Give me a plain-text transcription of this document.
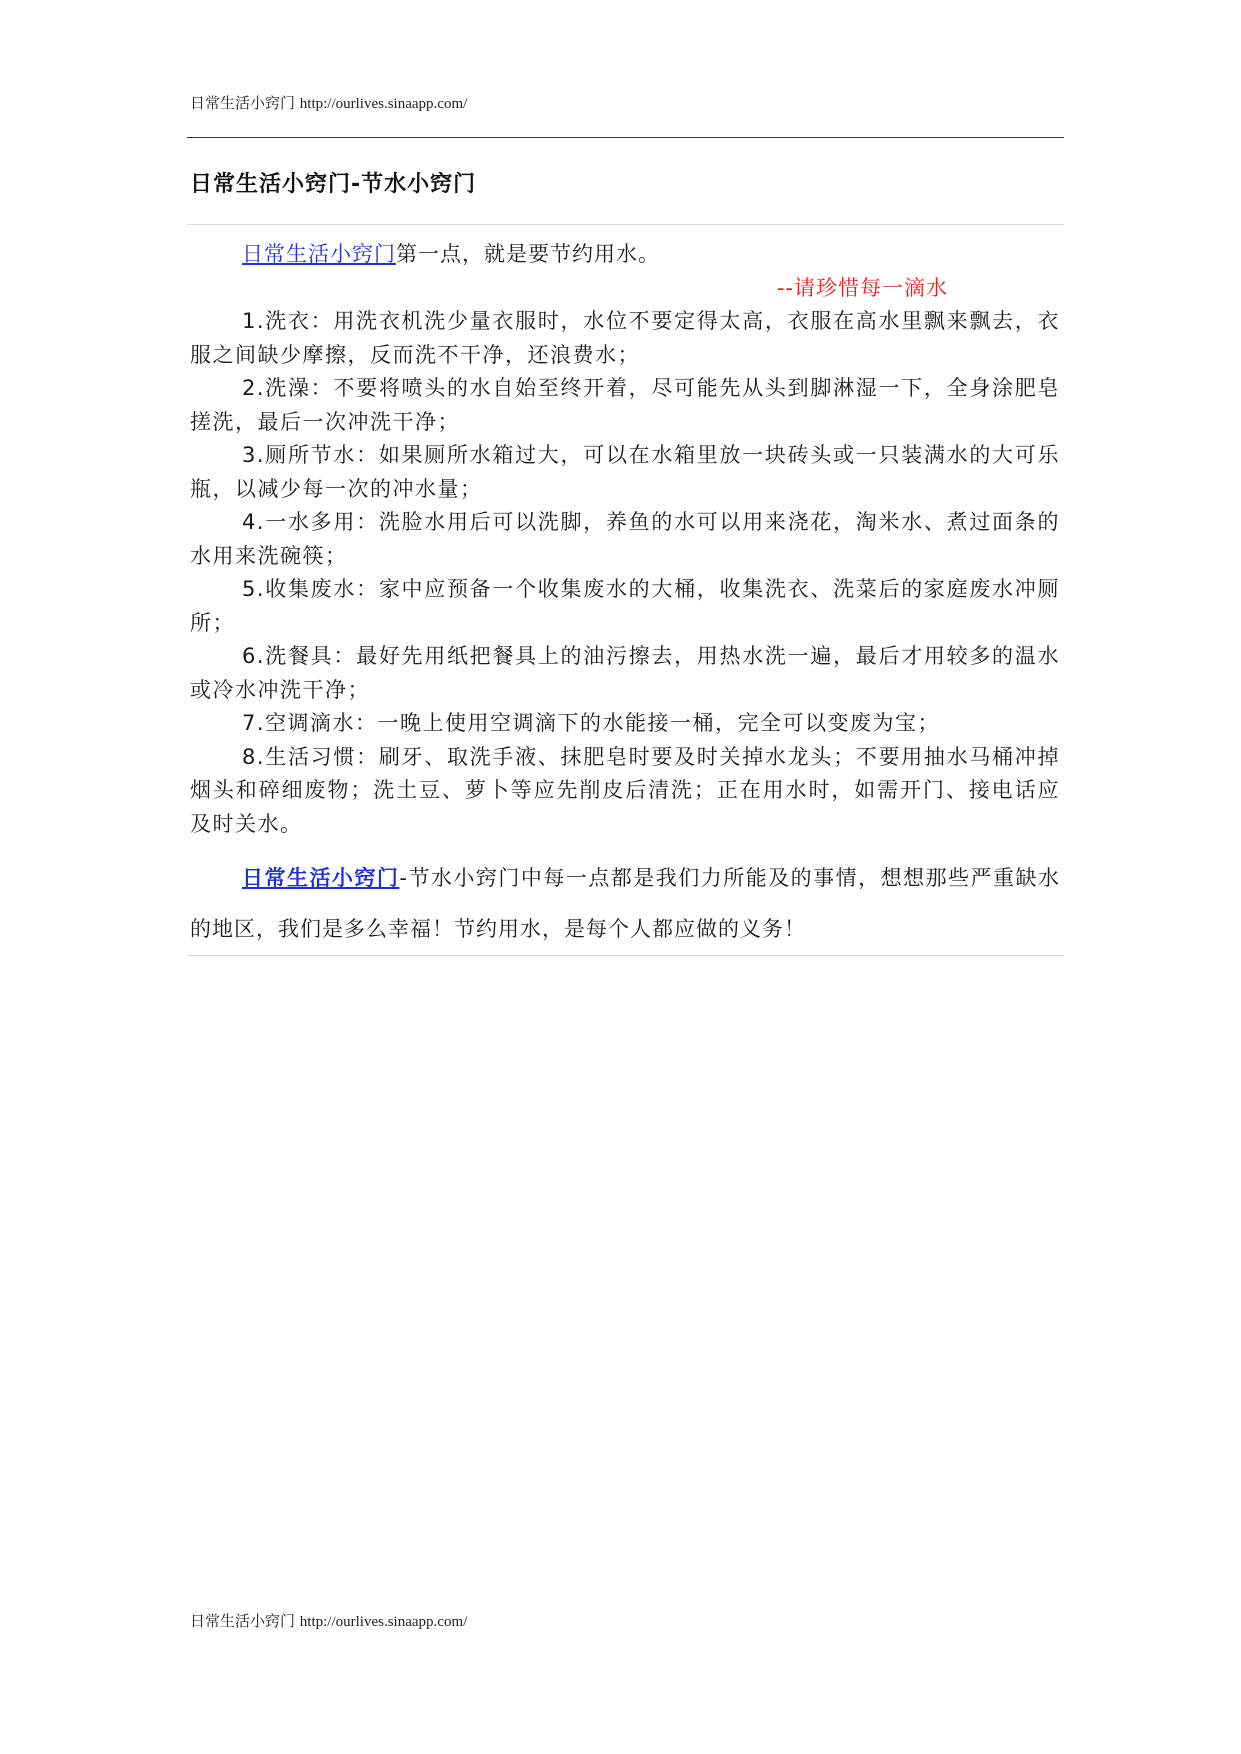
日常生活小窍门 http://ourlives.sinaapp.com/
日常生活小窍门-节水小窍门

日常生活小窍门第一点，就是要节约用水。

--请珍惜每一滴水

1.洗衣：用洗衣机洗少量衣服时，水位不要定得太高，衣服在高水里飘来飘去，衣服之间缺少摩擦，反而洗不干净，还浪费水；

2.洗澡：不要将喷头的水自始至终开着，尽可能先从头到脚淋湿一下，全身涂肥皂搓洗，最后一次冲洗干净；

3.厕所节水：如果厕所水箱过大，可以在水箱里放一块砖头或一只装满水的大可乐瓶，以减少每一次的冲水量；

4.一水多用：洗脸水用后可以洗脚，养鱼的水可以用来浇花，淘米水、煮过面条的水用来洗碗筷；

5.收集废水：家中应预备一个收集废水的大桶，收集洗衣、洗菜后的家庭废水冲厕所；

6.洗餐具：最好先用纸把餐具上的油污擦去，用热水洗一遍，最后才用较多的温水或冷水冲洗干净；

7.空调滴水：一晚上使用空调滴下的水能接一桶，完全可以变废为宝；

8.生活习惯：刷牙、取洗手液、抹肥皂时要及时关掉水龙头；不要用抽水马桶冲掉烟头和碎细废物；洗土豆、萝卜等应先削皮后清洗；正在用水时，如需开门、接电话应及时关水。

日常生活小窍门-节水小窍门中每一点都是我们力所能及的事情，想想那些严重缺水的地区，我们是多么幸福！节约用水，是每个人都应做的义务！

日常生活小窍门 http://ourlives.sinaapp.com/
